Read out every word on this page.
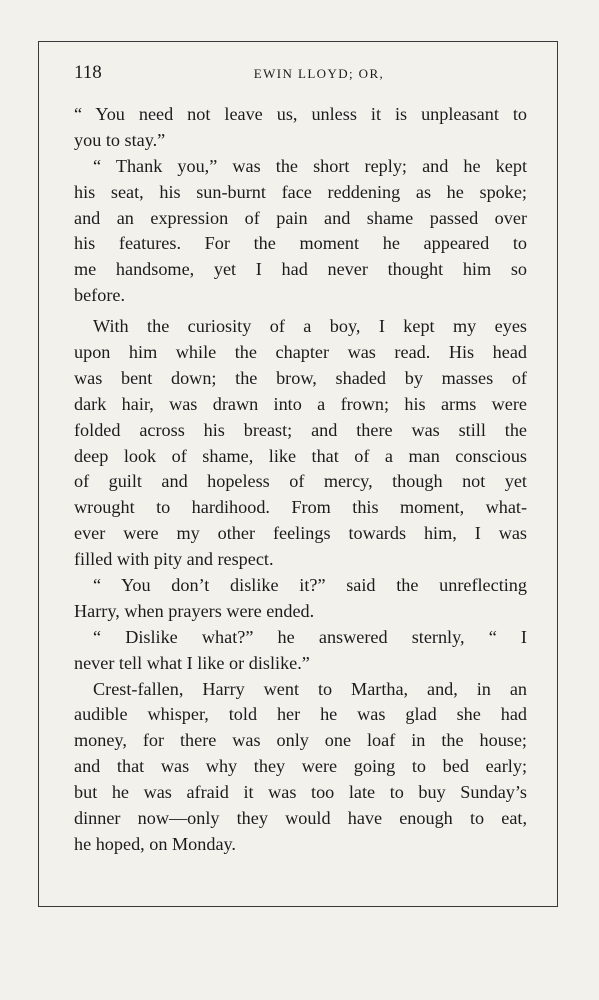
118	EWIN LLOYD; OR,
“ You need not leave us, unless it is unpleasant to
you to stay.”
“ Thank you,” was the short reply; and he kept
his seat, his sun-burnt face reddening as he spoke;
and an expression of pain and shame passed over
his features. For the moment he appeared to
me handsome, yet I had never thought him so
before.
With the curiosity of a boy, I kept my eyes
upon him while the chapter was read. His head
was bent down; the brow, shaded by masses of
dark hair, was drawn into a frown; his arms were
folded across his breast; and there was still the
deep look of shame, like that of a man conscious
of guilt and hopeless of mercy, though not yet
wrought to hardihood. From this moment, what-
ever were my other feelings towards him, I was
filled with pity and respect.
“ You don’t dislike it?” said the unreflecting
Harry, when prayers were ended.
“ Dislike what?” he answered sternly, “ I
never tell what I like or dislike.”
Crest-fallen, Harry went to Martha, and, in an
audible whisper, told her he was glad she had
money, for there was only one loaf in the house;
and that was why they were going to bed early;
but he was afraid it was too late to buy Sunday’s
dinner now—only they would have enough to eat,
he hoped, on Monday.
